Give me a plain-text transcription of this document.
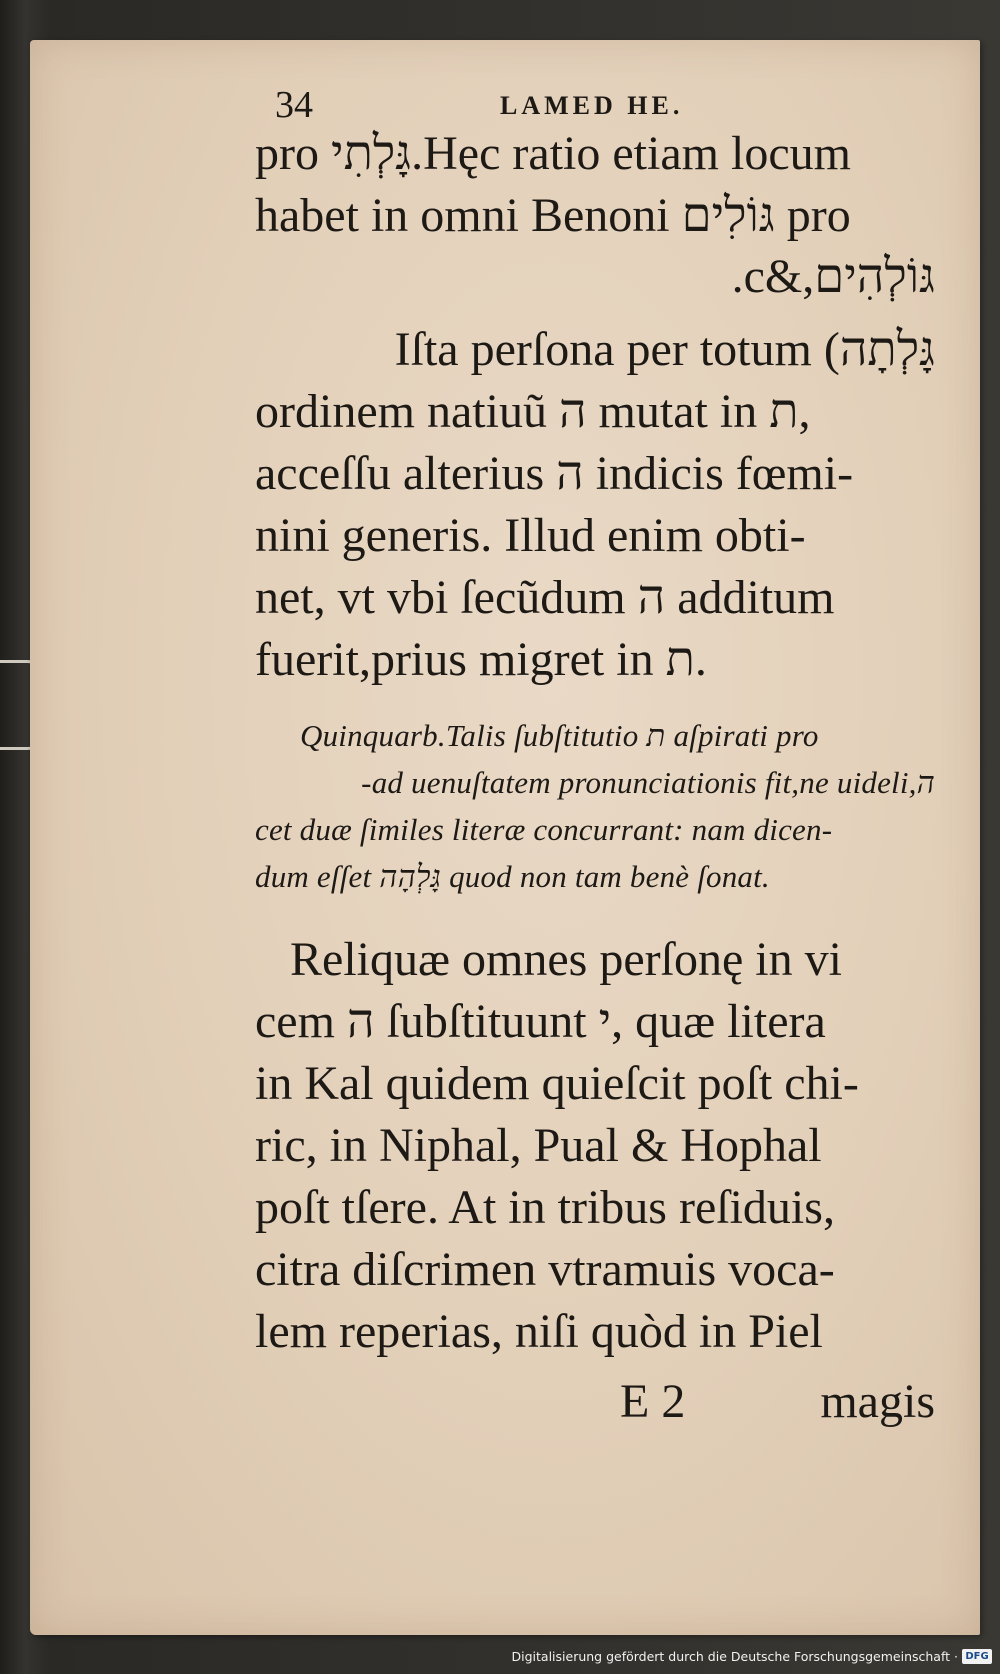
34	LAMED HE.
pro גָּלְתִי.Hęc ratio etiam locum
habet in omni Benoni גּוֹלִים pro
גּוֹלְהִים,&c.
גָּלְתָה) Iſta perſona per totum
ordinem natiuũ ה mutat in ת,
acceſſu alterius ה indicis fœmi-
nini generis. Illud enim obti-
net, vt vbi ſecũdum ה additum
fuerit,prius migret in ת.
Quinquarb.Talis ſubſtitutio ת aſpirati pro
ה,ad uenuſtatem pronunciationis fit,ne uideli-
cet duæ ſimiles literæ concurrant: nam dicen-
dum eſſet גָּלְהָה quod non tam benè ſonat.
Reliquæ omnes perſonę in vi
cem ה ſubſtituunt י, quæ litera
in Kal quidem quieſcit poſt chi-
ric, in Niphal, Pual & Hophal
poſt tſere. At in tribus reſiduis,
citra diſcrimen vtramuis voca-
lem reperias, niſi quòd in Piel
E 2	magis
Digitalisierung gefördert durch die Deutsche Forschungsgemeinschaft · DFG
